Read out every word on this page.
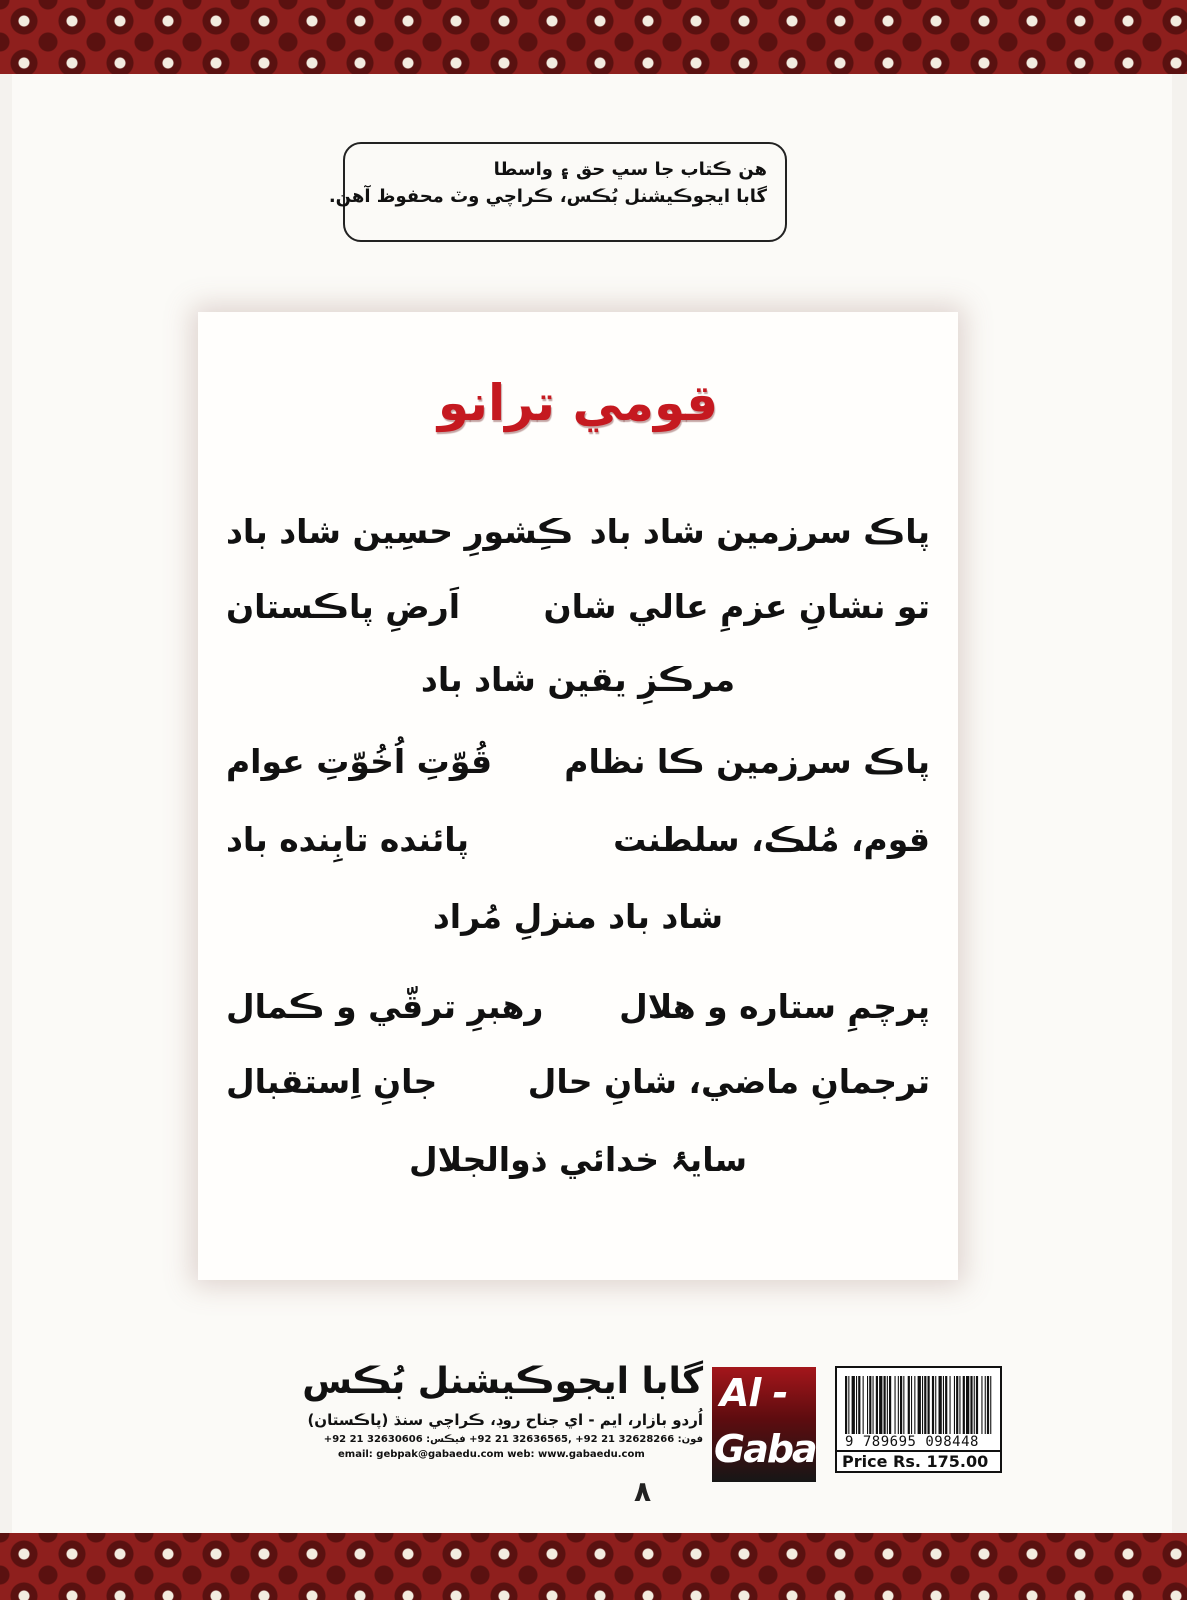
هن ڪتاب جا سڀ حق ۽ واسطا
گابا ايجوڪيشنل بُڪس، ڪراچي وٽ محفوظ آهن.
قومي ترانو
پاڪ سرزمين شاد باد
ڪِشورِ حسِين شاد باد
تو نشانِ عزمِ عالي شان
اَرضِ پاڪستان
مرڪزِ يقين شاد باد
پاڪ سرزمين ڪا نظام
قُوّتِ اُخُوّتِ عوام
قوم، مُلڪ، سلطنت
پائنده تابِنده باد
شاد باد منزلِ مُراد
پرچمِ ستاره و هلال
رهبرِ ترقّي و ڪمال
ترجمانِ ماضي، شانِ حال
جانِ اِستقبال
سايۂ خدائي ذوالجلال
گابا ايجوڪيشنل بُڪس
اُردو بازار، ايم - اي جناح روڊ، ڪراچي سنڌ (پاڪستان)
فون: 32628266 21 92+ ,32636565 21 92+ فيڪس: 32630606 21 92+
email: gebpak@gabaedu.com web: www.gabaedu.com
Al -
Gaba 9 789695 098448
Price Rs. 175.00
٨
